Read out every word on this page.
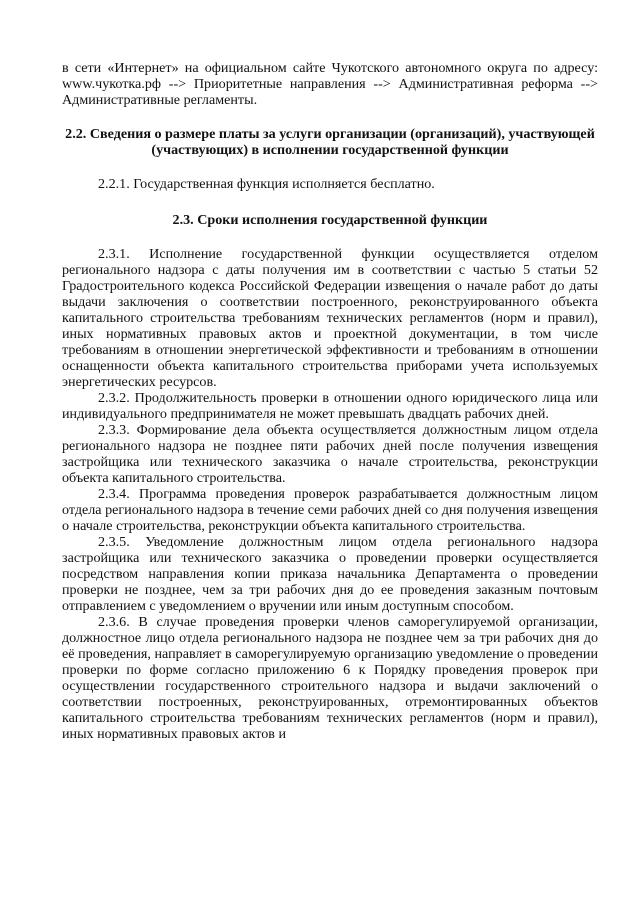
в сети «Интернет» на официальном сайте Чукотского автономного округа по адресу: www.чукотка.рф --> Приоритетные направления --> Административная реформа --> Административные регламенты.

2.2. Сведения о размере платы за услуги организации (организаций), участвующей (участвующих) в исполнении государственной функции

2.2.1. Государственная функция исполняется бесплатно.

2.3. Сроки исполнения государственной функции

2.3.1. Исполнение государственной функции осуществляется отделом регионального надзора с даты получения им в соответствии с частью 5 статьи 52 Градостроительного кодекса Российской Федерации извещения о начале работ до даты выдачи заключения о соответствии построенного, реконструированного объекта капитального строительства требованиям технических регламентов (норм и правил), иных нормативных правовых актов и проектной документации, в том числе требованиям в отношении энергетической эффективности и требованиям в отношении оснащенности объекта капитального строительства приборами учета используемых энергетических ресурсов.

2.3.2. Продолжительность проверки в отношении одного юридического лица или индивидуального предпринимателя не может превышать двадцать рабочих дней.

2.3.3. Формирование дела объекта осуществляется должностным лицом отдела регионального надзора не позднее пяти рабочих дней после получения извещения застройщика или технического заказчика о начале строительства, реконструкции объекта капитального строительства.

2.3.4. Программа проведения проверок разрабатывается должностным лицом отдела регионального надзора в течение семи рабочих дней со дня получения извещения о начале строительства, реконструкции объекта капитального строительства.

2.3.5. Уведомление должностным лицом отдела регионального надзора застройщика или технического заказчика о проведении проверки осуществляется посредством направления копии приказа начальника Департамента о проведении проверки не позднее, чем за три рабочих дня до ее проведения заказным почтовым отправлением с уведомлением о вручении или иным доступным способом.

2.3.6. В случае проведения проверки членов саморегулируемой организации, должностное лицо отдела регионального надзора не позднее чем за три рабочих дня до её проведения, направляет в саморегулируемую организацию уведомление о проведении проверки по форме согласно приложению 6 к Порядку проведения проверок при осуществлении государственного строительного надзора и выдачи заключений о соответствии построенных, реконструированных, отремонтированных объектов капитального строительства требованиям технических регламентов (норм и правил), иных нормативных правовых актов и
